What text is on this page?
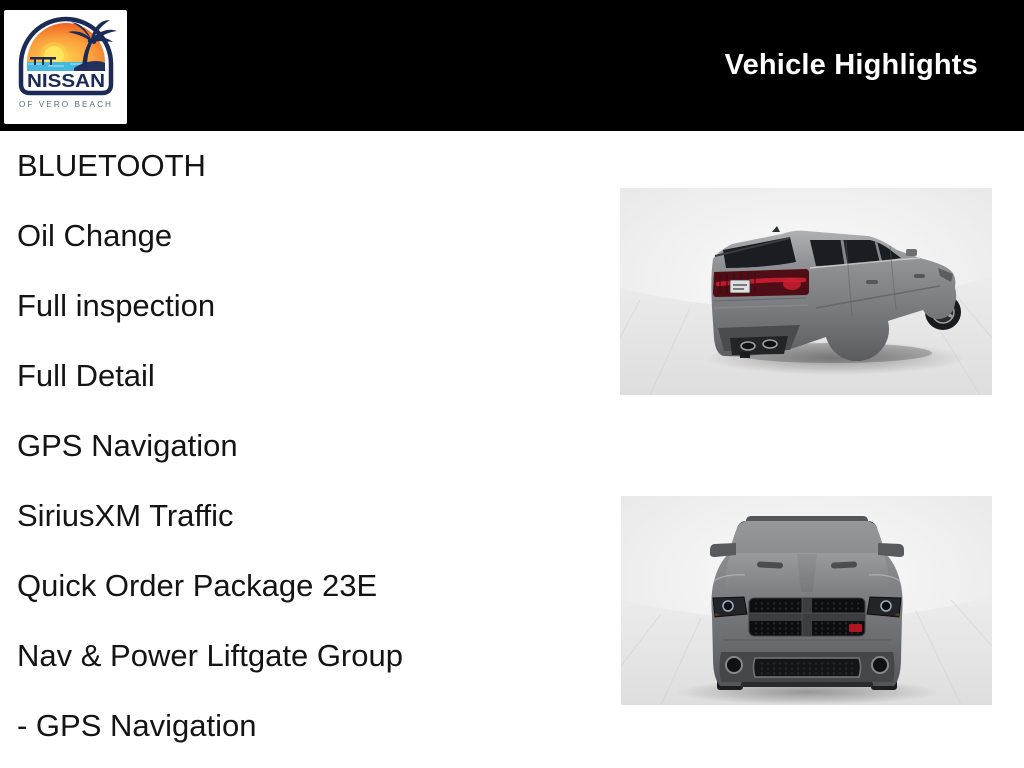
NISSAN
OF VERO BEACH
Vehicle Highlights
BLUETOOTH
Oil Change
Full inspection
Full Detail
GPS Navigation
SiriusXM Traffic
Quick Order Package 23E
Nav & Power Liftgate Group
- GPS Navigation
